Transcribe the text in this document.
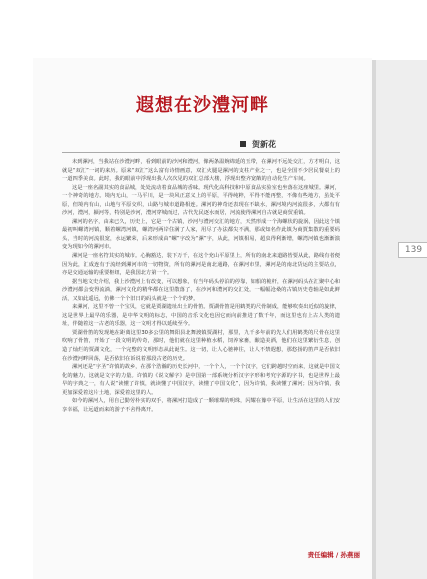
139
遐想在沙澧河畔
贺新花

未到漯河，当我站在沙澧河畔，看到眼前的沙河和澧河，像两条温婉绵延的玉带，在漯河不远处交汇，方才明白，这就是“双汇”一词的来历。原来“双汇”这么富有诗情画意，双汇火腿是漯河的支柱产业之一，也是全国不少居民餐桌上的一道四季美食。此时，我的眼前中浮现出我人次次见的双汇总部大楼，浮现出整齐宽敞的自动化生产车间。

这是一座名副其实的食品城，处处流动着食品城的香味。现代化高科技和中原食品实验室也坐落在这座城里。漯河，一个神奇的地方。境内无山，一马平川，是一块风正意义上的平原，平得纯粹，平得不能再整，不像有些地方，虽处平原，但境内有山，山地与平原交织，山路与城市道路相连。漯河的神奇还表现在不缺水，漯河境内河流很多，大都有有沙河，澧河，颍河等，特别是沙河，澧河穿城而过，古代先民逐水而居，河流使得漯河自古就是商贸重镇。

漯河的名字，由来已久，历史上，它是一个古镇，沙河与澧河交汇的地方，天然形成一个海螺状的旋涡，因此这个镇最初叫螺湾河镇，顺着螺湾河镇，螺湾河两岸住满了人家，用尽了办法都尖不满，那或知名作此镇为商賈集散的重要码头，当时的河流很宽，水运繁荣，后来形成由“螺”字改为“漯”字，从此，河镇相易，超虫得利渐增，螺湾河镇也渐渐演变为现如今的漯河市。

漯河是一座名符其实的城市。心胸豁达，装下万千，在这个充山平原里上，所有的南北来道路皆要从此，路线有者便因为此，汇成连有于流经到漯河市的一切物资，所有的漯河是南北通路，在漯河市里，漯河是的南北货运的主要站点，亦是交通运输的重要枢纽，是我国北方第一个。

据当地文史介绍，我上沙澧河上有改变，可以想象，有当年码头停泊的停靠，如船的桅杆，在漯河码头在汇聚中心和沙澧河都会变得流淌，漯河文化的精华都在这里散落了，在沙河和澧河的交汇处，一幅幅沧桑的古镇历史卷轴是如此鲜活，又如此遥远，仿佛一个个旧日的码头就是一个个的梦。

来漯河，这里不曾一个宝贝，它就是贾湖遗址出土的骨笛。贾湖骨笛是用鹤类的尺骨制成，能够吹奏出近似的旋律，这是世界上最早的乐器，是中华文明的标志，中国的音乐文化也因它而向前推进了数千年，而这里也有上古人类的遗址，伴随着这一古老的乐器，这一文明才得以延续至今。

贾湖骨笛的发现地在距离这里30多公里的舞阳县北舞渡镇贾湖村，那里，九千多年前的先人们用鹤类的尺骨在这里吹响了骨笛，开始了一段文明的传奇，那时，他们就在这里种植水稻，饲养家畜，酿造美酒，他们在这里繁衍生息，创造了灿烂的贾湖文化，一个完整的文明形态从此诞生。这一切，让人心驰神往，让人不禁遐想，那悠扬的笛声是否依旧在沙澧河畔回荡，是否依旧在诉说着那段古老的历史。

漯河还是“字圣”许慎的故乡，在那个浩瀚的历史长河中，一个个人，一个个汉字，它们跨越时空而来，这就是中国文化的魅力，这就是文字的力量。许慎的《说文解字》是中国第一部系统分析汉字字形和考究字源的字书，也是世界上最早的字典之一，有人说“读懂了许慎，就读懂了中国汉字，读懂了中国文化”，因为许慎，我读懂了漯河；因为许慎，我更加深爱着这片土地，深爱着这里的人。

如今的漯河人，用自己勤劳朴实的双手，将漯河打造成了一颗璀璨的明珠，闪耀在豫中平原，让生活在这里的人们安享幸福，让远道而来的游子不舍得离开。

责任编辑 / 孙燕丽
